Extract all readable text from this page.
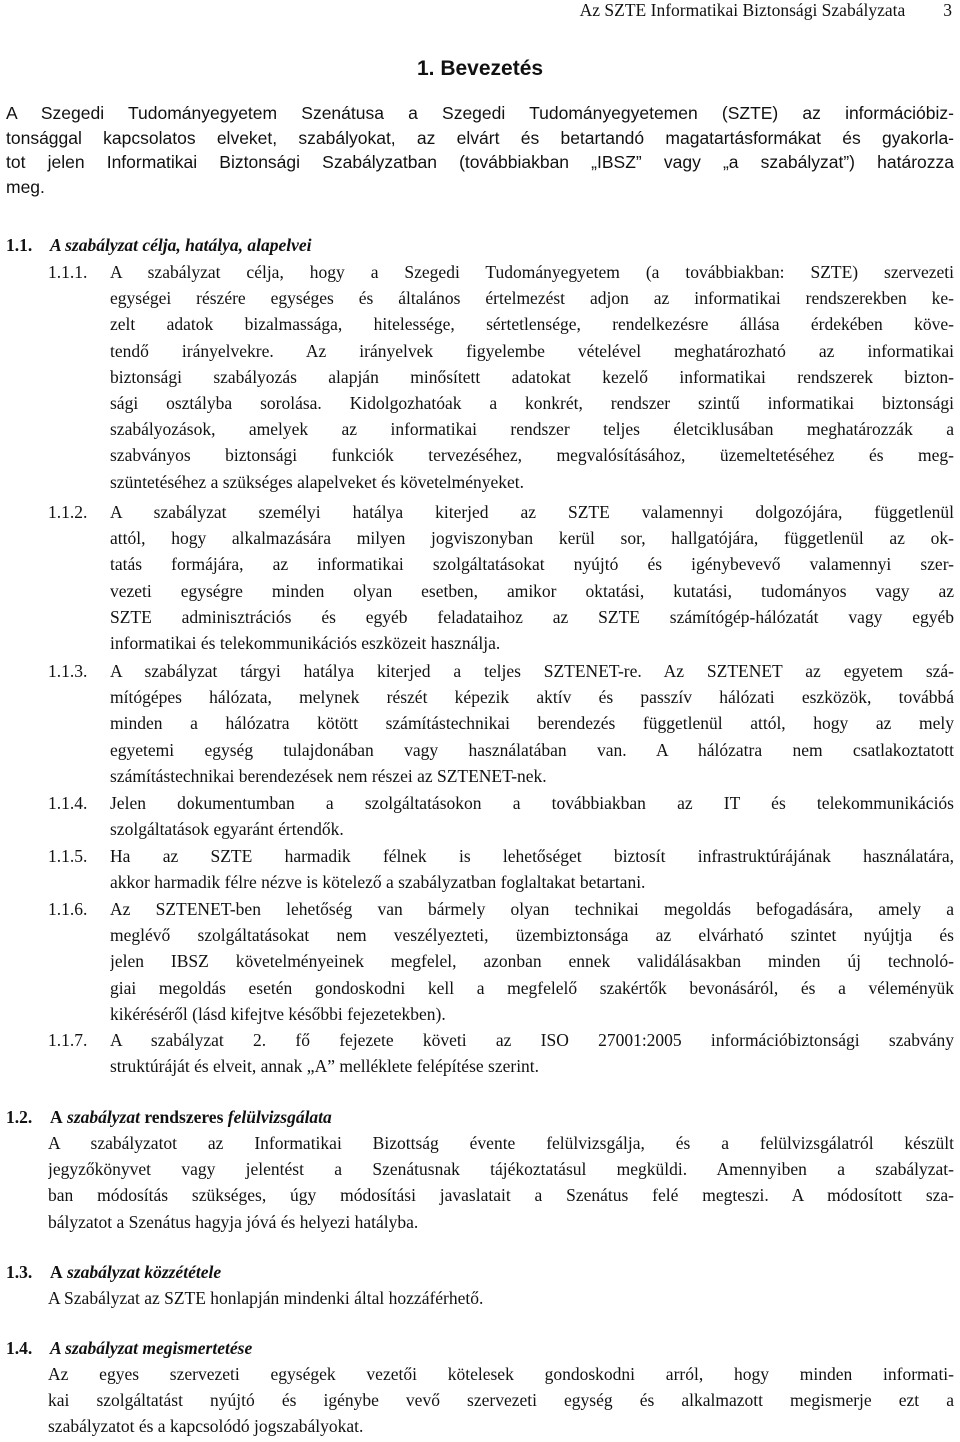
Az SZTE Informatikai Biztonsági Szabályzata 3
1. Bevezetés
A Szegedi Tudományegyetem Szenátusa a Szegedi Tudományegyetemen (SZTE) az információbiz-
tonsággal kapcsolatos elveket, szabályokat, az elvárt és betartandó magatartásformákat és gyakorla-
tot jelen Informatikai Biztonsági Szabályzatban (továbbiakban „IBSZ” vagy „a szabályzat”) határozza
meg.
1.1. A szabályzat célja, hatálya, alapelvei
1.1.1. A szabályzat célja, hogy a Szegedi Tudományegyetem (a továbbiakban: SZTE) szervezeti
egységei részére egységes és általános értelmezést adjon az informatikai rendszerekben ke-
zelt adatok bizalmassága, hitelessége, sértetlensége, rendelkezésre állása érdekében köve-
tendő irányelvekre. Az irányelvek figyelembe vételével meghatározható az informatikai
biztonsági szabályozás alapján minősített adatokat kezelő informatikai rendszerek bizton-
sági osztályba sorolása. Kidolgozhatóak a konkrét, rendszer szintű informatikai biztonsági
szabályozások, amelyek az informatikai rendszer teljes életciklusában meghatározzák a
szabványos biztonsági funkciók tervezéséhez, megvalósításához, üzemeltetéséhez és meg-
szüntetéséhez a szükséges alapelveket és követelményeket.
1.1.2. A szabályzat személyi hatálya kiterjed az SZTE valamennyi dolgozójára, függetlenül
attól, hogy alkalmazására milyen jogviszonyban kerül sor, hallgatójára, függetlenül az ok-
tatás formájára, az informatikai szolgáltatásokat nyújtó és igénybevevő valamennyi szer-
vezeti egységre minden olyan esetben, amikor oktatási, kutatási, tudományos vagy az
SZTE adminisztrációs és egyéb feladataihoz az SZTE számítógép-hálózatát vagy egyéb
informatikai és telekommunikációs eszközeit használja.
1.1.3. A szabályzat tárgyi hatálya kiterjed a teljes SZTENET-re. Az SZTENET az egyetem szá-
mítógépes hálózata, melynek részét képezik aktív és passzív hálózati eszközök, továbbá
minden a hálózatra kötött számítástechnikai berendezés függetlenül attól, hogy az mely
egyetemi egység tulajdonában vagy használatában van. A hálózatra nem csatlakoztatott
számítástechnikai berendezések nem részei az SZTENET-nek.
1.1.4. Jelen dokumentumban a szolgáltatásokon a továbbiakban az IT és telekommunikációs
szolgáltatások egyaránt értendők.
1.1.5. Ha az SZTE harmadik félnek is lehetőséget biztosít infrastruktúrájának használatára,
akkor harmadik félre nézve is kötelező a szabályzatban foglaltakat betartani.
1.1.6. Az SZTENET-ben lehetőség van bármely olyan technikai megoldás befogadására, amely a
meglévő szolgáltatásokat nem veszélyezteti, üzembiztonsága az elvárható szintet nyújtja és
jelen IBSZ követelményeinek megfelel, azonban ennek validálásakban minden új technoló-
giai megoldás esetén gondoskodni kell a megfelelő szakértők bevonásáról, és a véleményük
kikéréséről (lásd kifejtve későbbi fejezetekben).
1.1.7. A szabályzat 2. fő fejezete követi az ISO 27001:2005 információbiztonsági szabvány
struktúráját és elveit, annak „A” melléklete felépítése szerint.
1.2. A szabályzat rendszeres felülvizsgálata
A szabályzatot az Informatikai Bizottság évente felülvizsgálja, és a felülvizsgálatról készült
jegyzőkönyvet vagy jelentést a Szenátusnak tájékoztatásul megküldi. Amennyiben a szabályzat-
ban módosítás szükséges, úgy módosítási javaslatait a Szenátus felé megteszi. A módosított sza-
bályzatot a Szenátus hagyja jóvá és helyezi hatályba.
1.3. A szabályzat közzététele
A Szabályzat az SZTE honlapján mindenki által hozzáférhető.
1.4. A szabályzat megismertetése
Az egyes szervezeti egységek vezetői kötelesek gondoskodni arról, hogy minden informati-
kai szolgáltatást nyújtó és igénybe vevő szervezeti egység és alkalmazott megismerje ezt a
szabályzatot és a kapcsolódó jogszabályokat.
